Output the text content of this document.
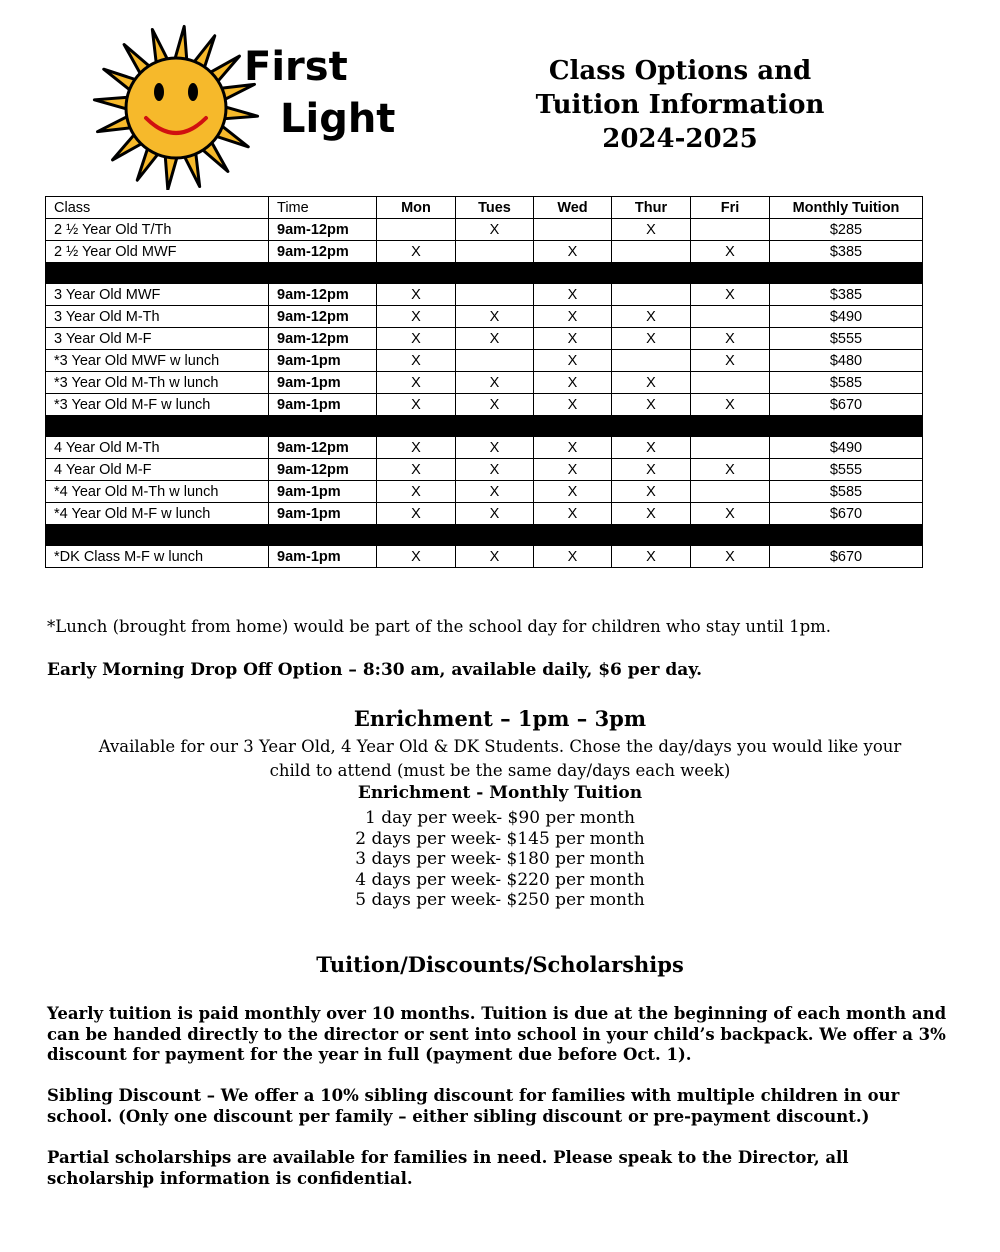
First
Light
Class Options and
Tuition Information
2024-2025
Class	Time	Mon	Tues	Wed	Thur	Fri	Monthly Tuition
2 ½ Year Old T/Th	9am-12pm		X		X		$285
2 ½ Year Old MWF	9am-12pm	X		X		X	$385

3 Year Old MWF	9am-12pm	X		X		X	$385
3 Year Old M-Th	9am-12pm	X	X	X	X		$490
3 Year Old M-F	9am-12pm	X	X	X	X	X	$555
*3 Year Old MWF w lunch	9am-1pm	X		X		X	$480
*3 Year Old M-Th w lunch	9am-1pm	X	X	X	X		$585
*3 Year Old M-F w lunch	9am-1pm	X	X	X	X	X	$670

4 Year Old M-Th	9am-12pm	X	X	X	X		$490
4 Year Old M-F	9am-12pm	X	X	X	X	X	$555
*4 Year Old M-Th w lunch	9am-1pm	X	X	X	X		$585
*4 Year Old M-F w lunch	9am-1pm	X	X	X	X	X	$670

*DK Class M-F w lunch	9am-1pm	X	X	X	X	X	$670
*Lunch (brought from home) would be part of the school day for children who stay until 1pm.
Early Morning Drop Off Option – 8:30 am, available daily, $6 per day.
Enrichment – 1pm – 3pm
Available for our 3 Year Old, 4 Year Old & DK Students. Chose the day/days you would like your
child to attend (must be the same day/days each week)
Enrichment - Monthly Tuition
1 day per week- $90 per month
2 days per week- $145 per month
3 days per week- $180 per month
4 days per week- $220 per month
5 days per week- $250 per month
Tuition/Discounts/Scholarships
Yearly tuition is paid monthly over 10 months. Tuition is due at the beginning of each month and can be handed directly to the director or sent into school in your child’s backpack. We offer a 3% discount for payment for the year in full (payment due before Oct. 1).
Sibling Discount – We offer a 10% sibling discount for families with multiple children in our school. (Only one discount per family – either sibling discount or pre-payment discount.)
Partial scholarships are available for families in need. Please speak to the Director, all scholarship information is confidential.
